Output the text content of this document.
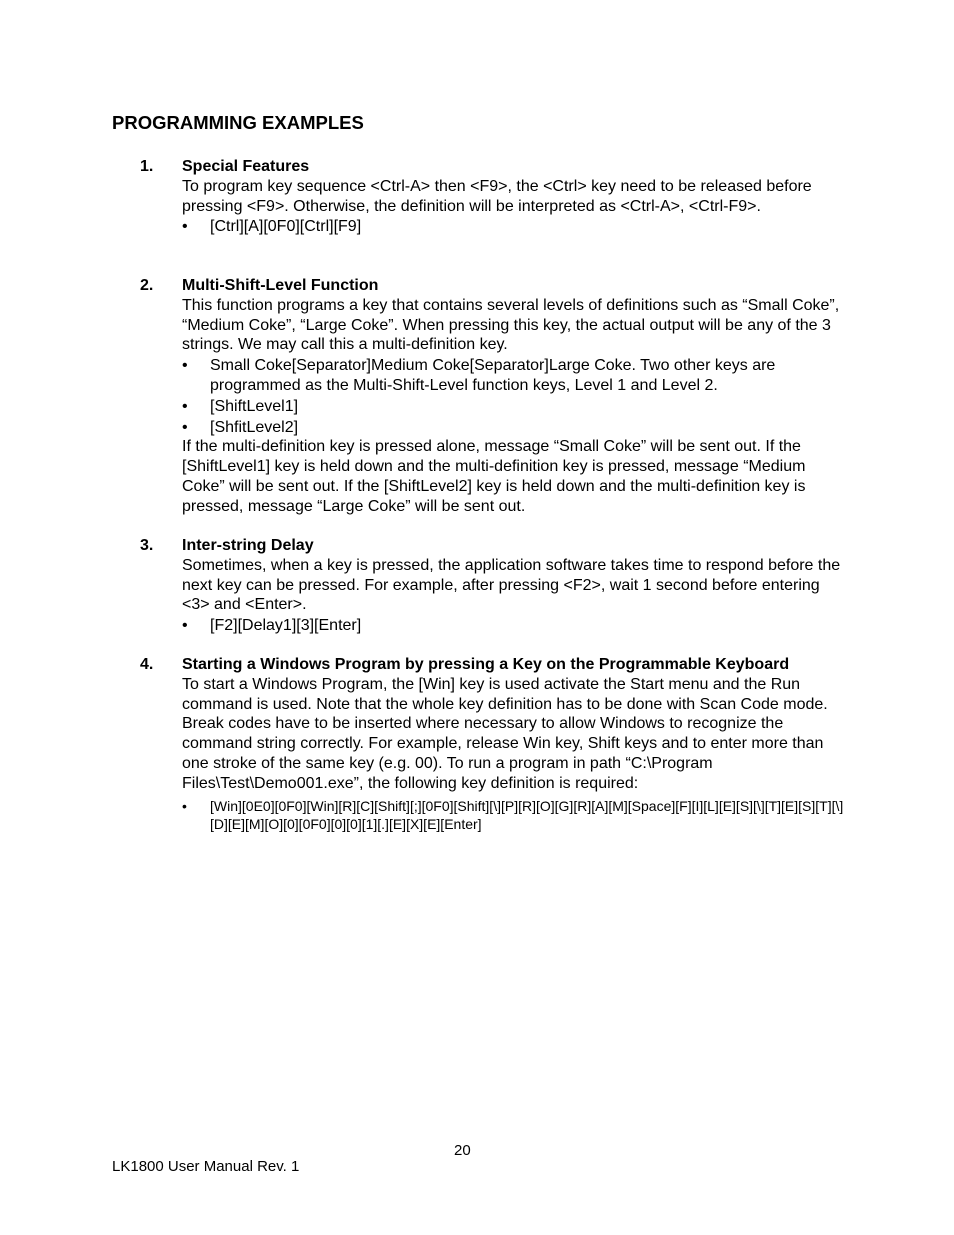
PROGRAMMING EXAMPLES
1. Special Features

To program key sequence <Ctrl-A> then <F9>, the <Ctrl> key need to be released before pressing <F9>. Otherwise, the definition will be interpreted as <Ctrl-A>, <Ctrl-F9>.

• [Ctrl][A][0F0][Ctrl][F9]
2. Multi-Shift-Level Function

This function programs a key that contains several levels of definitions such as “Small Coke”, “Medium Coke”, “Large Coke”. When pressing this key, the actual output will be any of the 3 strings. We may call this a multi-definition key.

• Small Coke[Separator]Medium Coke[Separator]Large Coke. Two other keys are programmed as the Multi-Shift-Level function keys, Level 1 and Level 2.
• [ShiftLevel1]
• [ShfitLevel2]

If the multi-definition key is pressed alone, message “Small Coke” will be sent out. If the [ShiftLevel1] key is held down and the multi-definition key is pressed, message “Medium Coke” will be sent out. If the [ShiftLevel2] key is held down and the multi-definition key is pressed, message “Large Coke” will be sent out.

3. Inter-string Delay

Sometimes, when a key is pressed, the application software takes time to respond before the next key can be pressed. For example, after pressing <F2>, wait 1 second before entering <3> and <Enter>.

• [F2][Delay1][3][Enter]
4. Starting a Windows Program by pressing a Key on the Programmable Keyboard

To start a Windows Program, the [Win] key is used activate the Start menu and the Run command is used. Note that the whole key definition has to be done with Scan Code mode. Break codes have to be inserted where necessary to allow Windows to recognize the command string correctly. For example, release Win key, Shift keys and to enter more than one stroke of the same key (e.g. 00). To run a program in path “C:\Program Files\Test\Demo001.exe”, the following key definition is required:

• [Win][0E0][0F0][Win][R][C][Shift][;][0F0][Shift][\][P][R][O][G][R][A][M][Space][F][I][L][E][S][\][T][E][S][T][\][D][E][M][O][0][0F0][0][0][1][.][E][X][E][Enter]
20
LK1800 User Manual Rev. 1
